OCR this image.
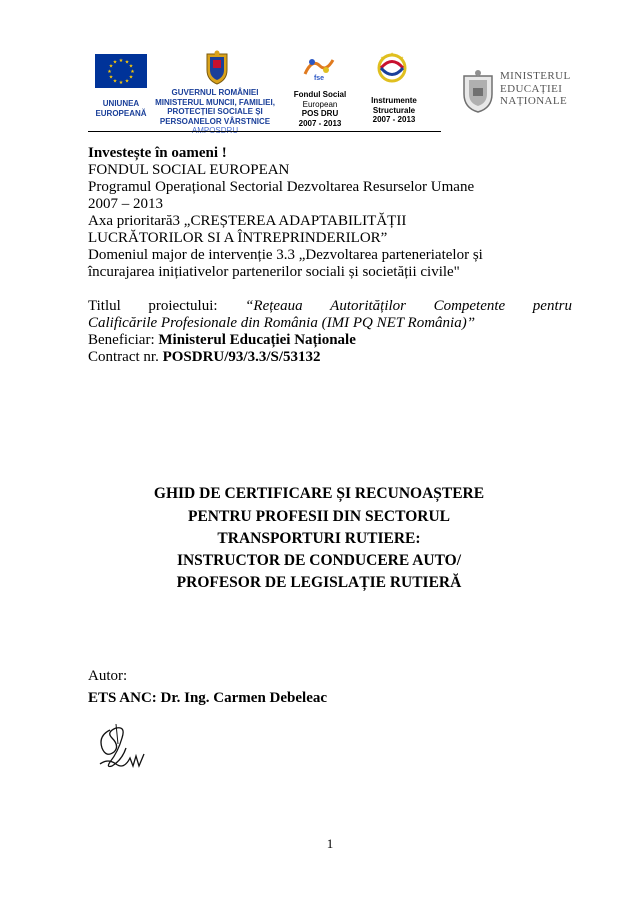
★ ★
★
★
★
★
★
★
★
★
★
★
UNIUNEA
EUROPEANĂ
GUVERNUL ROMÂNIEI
MINISTERUL MUNCII, FAMILIEI,
PROTECȚIEI SOCIALE ȘI
PERSOANELOR VÂRSTNICE
fse
Fondul Social
European
POS DRU
2007 - 2013
★
★
★
Instrumente
Structurale
2007 - 2013
MINISTERUL
EDUCAȚIEI
NAȚIONALE
Investește în oameni !
FONDUL SOCIAL EUROPEAN
Programul Operațional Sectorial Dezvoltarea Resurselor Umane
2007 – 2013
Axa prioritară3 „CREȘTEREA ADAPTABILITĂȚII
LUCRĂTORILOR SI A ÎNTREPRINDERILOR”
Domeniul major de intervenție 3.3 „Dezvoltarea parteneriatelor și
încurajarea inițiativelor partenerilor sociali și societății civile"
Titlul proiectului: “Rețeaua Autorităților Competente pentru
Calificările Profesionale din România (IMI PQ NET România)”
Beneficiar: Ministerul Educației Naționale
Contract nr. POSDRU/93/3.3/S/53132
GHID DE CERTIFICARE ȘI RECUNOAȘTERE
PENTRU PROFESII DIN SECTORUL
TRANSPORTURI RUTIERE:
INSTRUCTOR DE CONDUCERE AUTO/
PROFESOR DE LEGISLAȚIE RUTIERĂ
Autor:
ETS ANC: Dr. Ing. Carmen Debeleac
1
